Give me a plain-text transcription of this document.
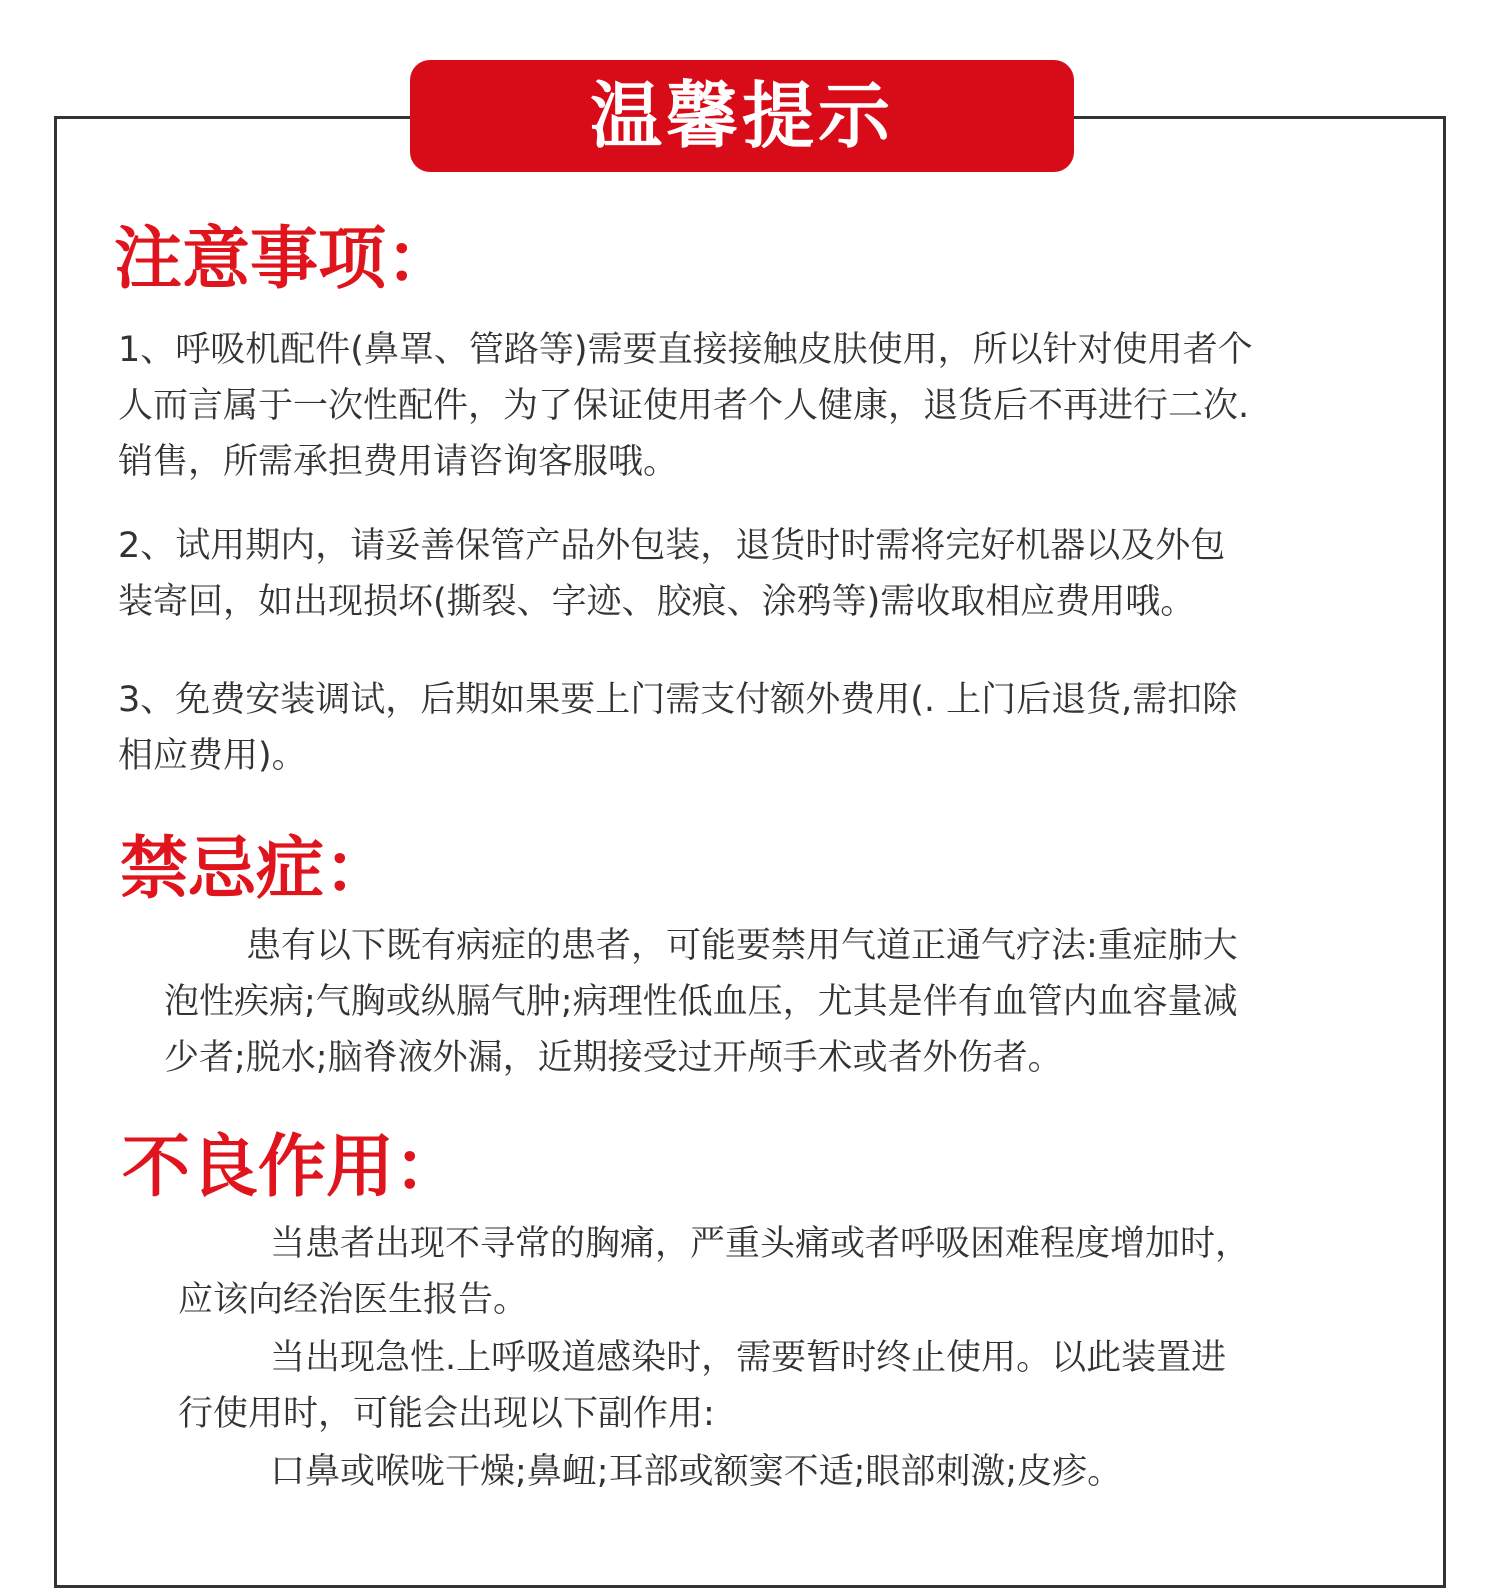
温馨提示
注意事项：
1、呼吸机配件(鼻罩、管路等)需要直接接触皮肤使用，所以针对使用者个
人而言属于一次性配件，为了保证使用者个人健康，退货后不再进行二次.
销售，所需承担费用请咨询客服哦。
2、试用期内，请妥善保管产品外包装，退货时时需将完好机器以及外包
装寄回，如出现损坏(撕裂、字迹、胶痕、涂鸦等)需收取相应费用哦。
3、免费安装调试，后期如果要上门需支付额外费用(. 上门后退货,需扣除
相应费用)。
禁忌症：
患有以下既有病症的患者，可能要禁用气道正通气疗法:重症肺大
泡性疾病;气胸或纵膈气肿;病理性低血压，尤其是伴有血管内血容量减
少者;脱水;脑脊液外漏，近期接受过开颅手术或者外伤者。
不良作用：
当患者出现不寻常的胸痛，严重头痛或者呼吸困难程度增加时，
应该向经治医生报告。
当出现急性.上呼吸道感染时，需要暂时终止使用。以此装置进
行使用时，可能会出现以下副作用:
口鼻或喉咙干燥;鼻衄;耳部或额窦不适;眼部刺激;皮疹。
